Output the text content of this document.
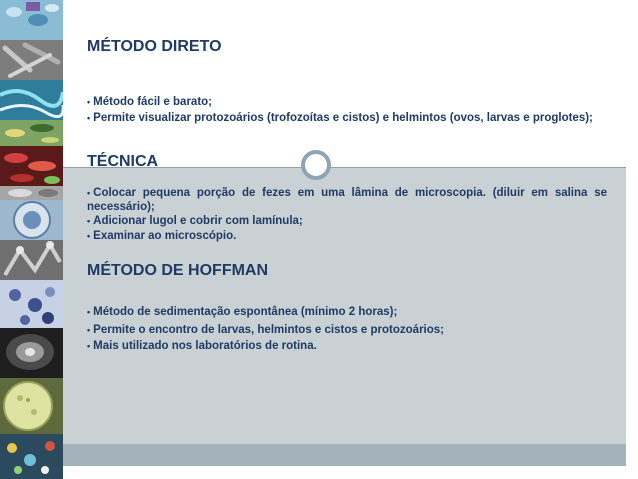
MÉTODO DIRETO
• Método fácil e barato;
• Permite visualizar protozoários (trofozoítas e cistos) e helmintos (ovos, larvas e proglotes);
TÉCNICA
• Colocar pequena porção de fezes em uma lâmina de microscopia. (diluir em salina se necessário);
• Adicionar lugol e cobrir com lamínula;
• Examinar ao microscópio.
MÉTODO DE HOFFMAN
• Método de sedimentação espontânea (mínimo 2 horas);
• Permite o encontro de larvas, helmintos e cistos e protozoários;
• Mais utilizado nos laboratórios de rotina.
